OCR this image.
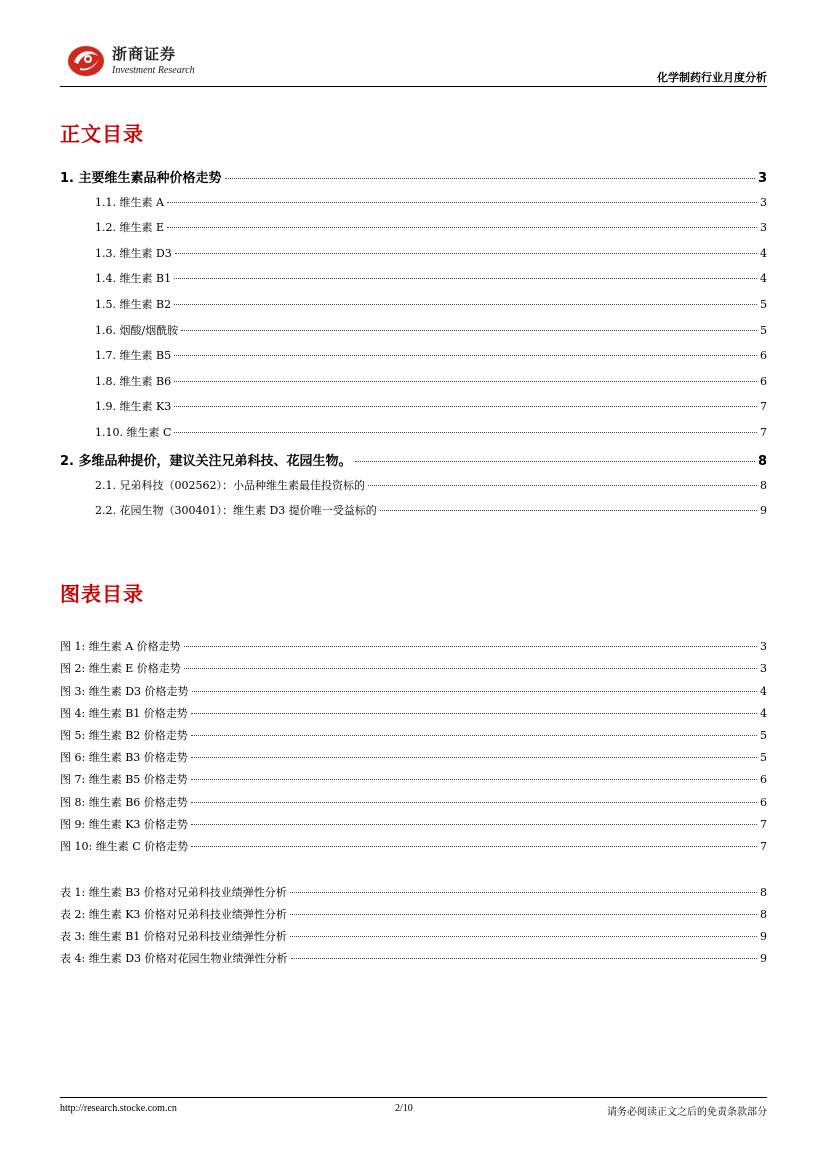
浙商证券
Investment Research
化学制药行业月度分析
正文目录
1. 主要维生素品种价格走势	3
1.1. 维生素 A	3
1.2. 维生素 E	3
1.3. 维生素 D3	4
1.4. 维生素 B1	4
1.5. 维生素 B2	5
1.6. 烟酸/烟酰胺	5
1.7. 维生素 B5	6
1.8. 维生素 B6	6
1.9. 维生素 K3	7
1.10. 维生素 C	7
2. 多维品种提价，建议关注兄弟科技、花园生物。	8
2.1. 兄弟科技（002562）：小品种维生素最佳投资标的	8
2.2. 花园生物（300401）：维生素 D3 提价唯一受益标的	9
图表目录
图 1: 维生素 A 价格走势	3
图 2: 维生素 E 价格走势	3
图 3: 维生素 D3 价格走势	4
图 4: 维生素 B1 价格走势	4
图 5: 维生素 B2 价格走势	5
图 6: 维生素 B3 价格走势	5
图 7: 维生素 B5 价格走势	6
图 8: 维生素 B6 价格走势	6
图 9: 维生素 K3 价格走势	7
图 10: 维生素 C 价格走势	7
表 1: 维生素 B3 价格对兄弟科技业绩弹性分析	8
表 2: 维生素 K3 价格对兄弟科技业绩弹性分析	8
表 3: 维生素 B1 价格对兄弟科技业绩弹性分析	9
表 4: 维生素 D3 价格对花园生物业绩弹性分析	9
http://research.stocke.com.cn	2/10	请务必阅读正文之后的免责条款部分
